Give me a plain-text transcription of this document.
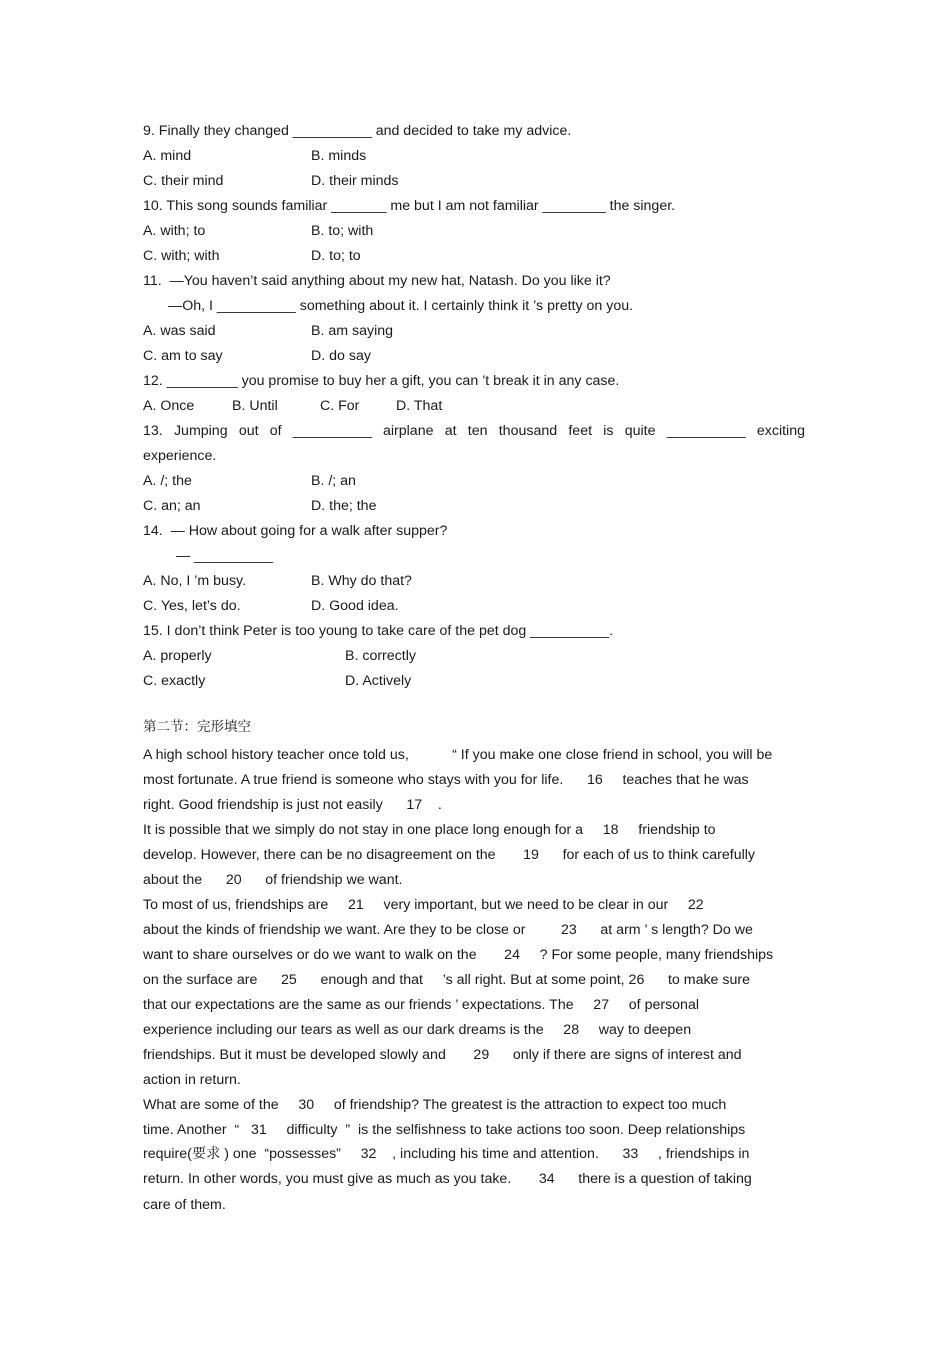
9. Finally they changed __________ and decided to take my advice.
A. mind	B. minds
C. their mind	D. their minds
10. This song sounds familiar _______ me but I am not familiar ________ the singer.
A. with; to	B. to; with
C. with; with	D. to; to
11.  —You haven’t said anything about my new hat, Natash. Do you like it?
—Oh, I __________ something about it. I certainly think it ’s pretty on you.
A. was said	B. am saying
C. am to say	D. do say
12. _________ you promise to buy her a gift, you can ’t break it in any case.
A. Once	B. Until	C. For	D. That
13. Jumping out of __________ airplane at ten thousand feet is quite __________ exciting
experience.
A. /; the	B. /; an
C. an; an	D. the; the
14.  — How about going for a walk after supper?
— __________
A. No, I ’m busy.	B. Why do that?
C. Yes, let’s do.	D. Good idea.
15. I don’t think Peter is too young to take care of the pet dog __________.
A. properly	B. correctly
C. exactly	D. Actively
第二节：完形填空
A high school history teacher once told us,           “ If you make one close friend in school, you will be
most fortunate. A true friend is someone who stays with you for life.      16     teaches that he was
right. Good friendship is just not easily      17    .
It is possible that we simply do not stay in one place long enough for a     18     friendship to
develop. However, there can be no disagreement on the       19      for each of us to think carefully
about the      20      of friendship we want.
To most of us, friendships are     21     very important, but we need to be clear in our     22
about the kinds of friendship we want. Are they to be close or         23      at arm ’ s length? Do we
want to share ourselves or do we want to walk on the       24     ? For some people, many friendships
on the surface are      25      enough and that     ’s all right. But at some point, 26      to make sure
that our expectations are the same as our friends ’ expectations. The     27     of personal
experience including our tears as well as our dark dreams is the     28     way to deepen
friendships. But it must be developed slowly and       29      only if there are signs of interest and
action in return.
What are some of the     30     of friendship? The greatest is the attraction to expect too much
time. Another  “   31     difficulty  ”  is the selfishness to take actions too soon. Deep relationships
require(要求 ) one  “possesses”     32    , including his time and attention.      33     , friendships in
return. In other words, you must give as much as you take.       34      there is a question of taking
care of them.
